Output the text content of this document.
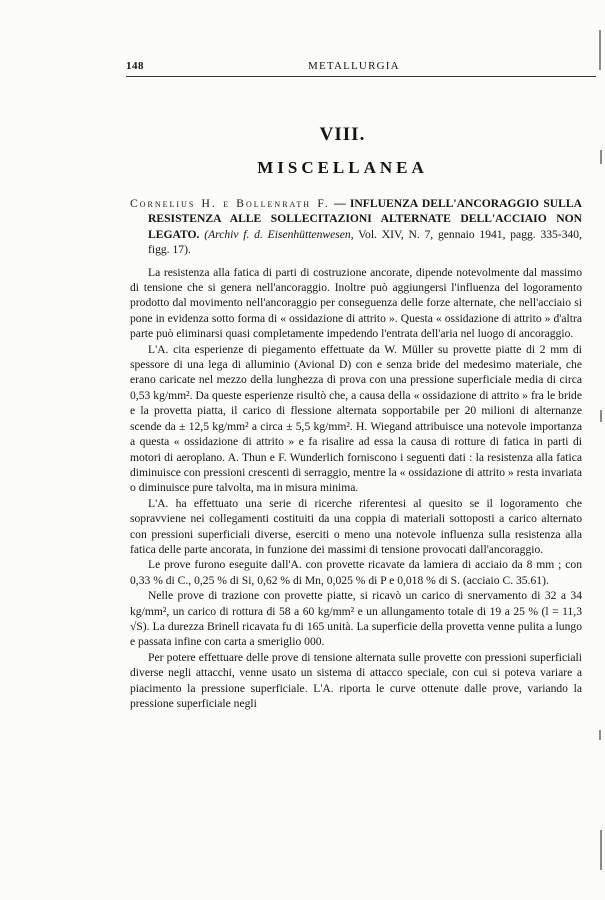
148	METALLURGIA
VIII.
MISCELLANEA

Cornelius H. e Bollenrath F. — INFLUENZA DELL'ANCORAGGIO SULLA RESISTENZA ALLE SOLLECITAZIONI ALTERNATE DELL'ACCIAIO NON LEGATO. (Archiv f. d. Eisenhüttenwesen, Vol. XIV, N. 7, gennaio 1941, pagg. 335-340, figg. 17).

La resistenza alla fatica di parti di costruzione ancorate, dipende notevolmente dal massimo di tensione che si genera nell'ancoraggio. Inoltre può aggiungersi l'influenza del logoramento prodotto dal movimento nell'ancoraggio per conseguenza delle forze alternate, che nell'acciaio si pone in evidenza sotto forma di « ossidazione di attrito ». Questa « ossidazione di attrito » d'altra parte può eliminarsi quasi completamente impedendo l'entrata dell'aria nel luogo di ancoraggio.

L'A. cita esperienze di piegamento effettuate da W. Müller su provette piatte di 2 mm di spessore di una lega di alluminio (Avional D) con e senza bride del medesimo materiale, che erano caricate nel mezzo della lunghezza di prova con una pressione superficiale media di circa 0,53 kg/mm². Da queste esperienze risultò che, a causa della « ossidazione di attrito » fra le bride e la provetta piatta, il carico di flessione alternata sopportabile per 20 milioni di alternanze scende da ± 12,5 kg/mm² a circa ± 5,5 kg/mm². H. Wiegand attribuisce una notevole importanza a questa « ossidazione di attrito » e fa risalire ad essa la causa di rotture di fatica in parti di motori di aeroplano. A. Thun e F. Wunderlich forniscono i seguenti dati : la resistenza alla fatica diminuisce con pressioni crescenti di serraggio, mentre la « ossidazione di attrito » resta invariata o diminuisce pure talvolta, ma in misura minima.

L'A. ha effettuato una serie di ricerche riferentesi al quesito se il logoramento che sopravviene nei collegamenti costituiti da una coppia di materiali sottoposti a carico alternato con pressioni superficiali diverse, eserciti o meno una notevole influenza sulla resistenza alla fatica delle parte ancorata, in funzione dei massimi di tensione provocati dall'ancoraggio.

Le prove furono eseguite dall'A. con provette ricavate da lamiera di acciaio da 8 mm ; con 0,33 % di C., 0,25 % di Si, 0,62 % di Mn, 0,025 % di P e 0,018 % di S. (acciaio C. 35.61).

Nelle prove di trazione con provette piatte, si ricavò un carico di snervamento di 32 a 34 kg/mm², un carico di rottura di 58 a 60 kg/mm² e un allungamento totale di 19 a 25 % (l = 11,3 √S). La durezza Brinell ricavata fu di 165 unità. La superficie della provetta venne pulita a lungo e passata infine con carta a smeriglio 000.

Per potere effettuare delle prove di tensione alternata sulle provette con pressioni superficiali diverse negli attacchi, venne usato un sistema di attacco speciale, con cui si poteva variare a piacimento la pressione superficiale. L'A. riporta le curve ottenute dalle prove, variando la pressione superficiale negli
